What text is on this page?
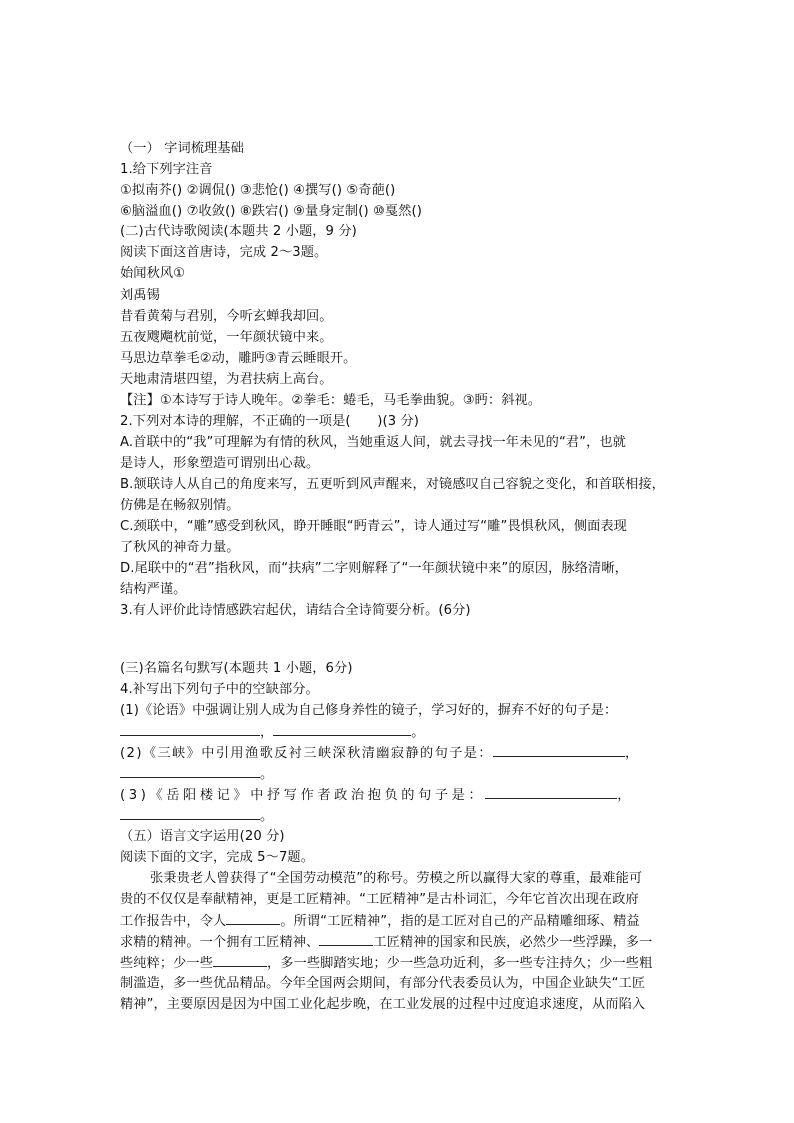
（一） 字词梳理基础
1.给下列字注音
①拟南芥() ②调侃() ③悲怆() ④撰写() ⑤奇葩()
⑥脑溢血() ⑦收敛() ⑧跌宕() ⑨量身定制() ⑩戛然()
(二)古代诗歌阅读(本题共 2 小题，9 分)
阅读下面这首唐诗，完成 2～3题。
始闻秋风①
刘禹锡
昔看黄菊与君别，今听玄蝉我却回。
五夜飕飗枕前觉，一年颜状镜中来。
马思边草拳毛②动，雕眄③青云睡眼开。
天地肃清堪四望，为君扶病上高台。
【注】①本诗写于诗人晚年。②拳毛：蜷毛，马毛拳曲貌。③眄：斜视。
2.下列对本诗的理解，不正确的一项是(　　)(3 分)
A.首联中的“我”可理解为有情的秋风，当她重返人间，就去寻找一年未见的“君”，也就
是诗人，形象塑造可谓别出心裁。
B.颔联诗人从自己的角度来写，五更听到风声醒来，对镜感叹自己容貌之变化，和首联相接，
仿佛是在畅叙别情。
C.颈联中，“雕”感受到秋风，睁开睡眼“眄青云”，诗人通过写“雕”畏惧秋风，侧面表现
了秋风的神奇力量。
D.尾联中的“君”指秋风，而“扶病”二字则解释了“一年颜状镜中来”的原因，脉络清晰，
结构严谨。
3.有人评价此诗情感跌宕起伏，请结合全诗简要分析。(6分)
(三)名篇名句默写(本题共 1 小题，6分)
4.补写出下列句子中的空缺部分。
(1)《论语》中强调让别人成为自己修身养性的镜子，学习好的，摒弃不好的句子是：
，	。
(2)《三峡》中引用渔歌反衬三峡深秋清幽寂静的句子是：	，
。
(3)《岳阳楼记》中抒写作者政治抱负的句子是：	，
。
（五）语言文字运用(20 分)
阅读下面的文字，完成 5～7题。
张秉贵老人曾获得了“全国劳动模范”的称号。劳模之所以赢得大家的尊重，最难能可
贵的不仅仅是奉献精神，更是工匠精神。“工匠精神”是古朴词汇，今年它首次出现在政府
工作报告中，令人	。所谓“工匠精神”，指的是工匠对自己的产品精雕细琢、精益
求精的精神。一个拥有工匠精神、	工匠精神的国家和民族，必然少一些浮躁，多一
些纯粹；少一些	，多一些脚踏实地；少一些急功近利，多一些专注持久；少一些粗
制滥造，多一些优品精品。今年全国两会期间，有部分代表委员认为，中国企业缺失“工匠
精神”，主要原因是因为中国工业化起步晚，在工业发展的过程中过度追求速度，从而陷入
